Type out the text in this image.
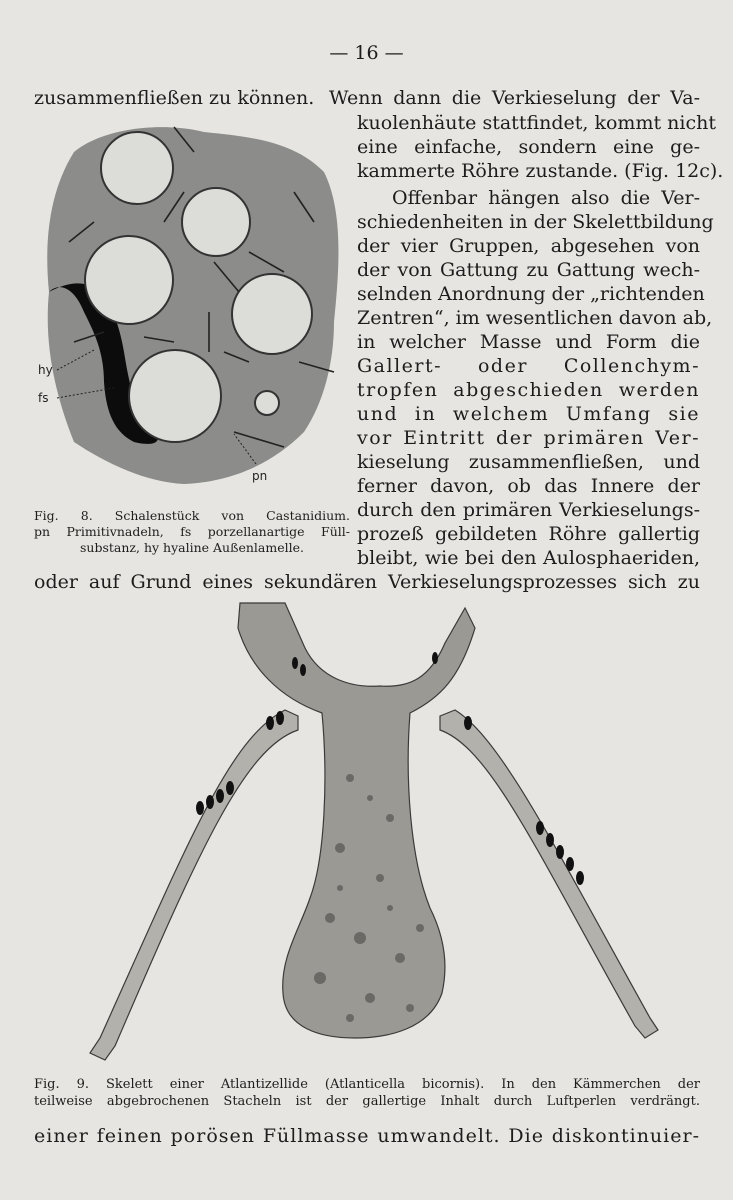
— 16 —
hy
fs
pn
Fig. 8. Schalenstück von Castanidium.
pn Primitivnadeln, fs porzellanartige Füll-
substanz, hy hyaline Außenlamelle.
zusammenfließen zu können. Wenn dann die Verkieselung der Va-
kuolenhäute stattfindet, kommt nicht
eine einfache, sondern eine ge-
kammerte Röhre zustande. (Fig. 12c).
Offenbar hängen also die Ver-
schiedenheiten in der Skelettbildung
der vier Gruppen, abgesehen von
der von Gattung zu Gattung wech-
selnden Anordnung der „richtenden
Zentren“, im wesentlichen davon ab,
in welcher Masse und Form die
Gallert- oder Collenchym-
tropfen abgeschieden werden
und in welchem Umfang sie
vor Eintritt der primären Ver-
kieselung zusammenfließen, und
ferner davon, ob das Innere der
durch den primären Verkieselungs-
prozeß gebildeten Röhre gallertig
bleibt, wie bei den Aulosphaeriden,
oder auf Grund eines sekundären Verkieselungsprozesses sich zu
Fig. 9. Skelett einer Atlantizellide (Atlanticella bicornis). In den Kämmerchen der
teilweise abgebrochenen Stacheln ist der gallertige Inhalt durch Luftperlen verdrängt.
einer feinen porösen Füllmasse umwandelt. Die diskontinuier-
